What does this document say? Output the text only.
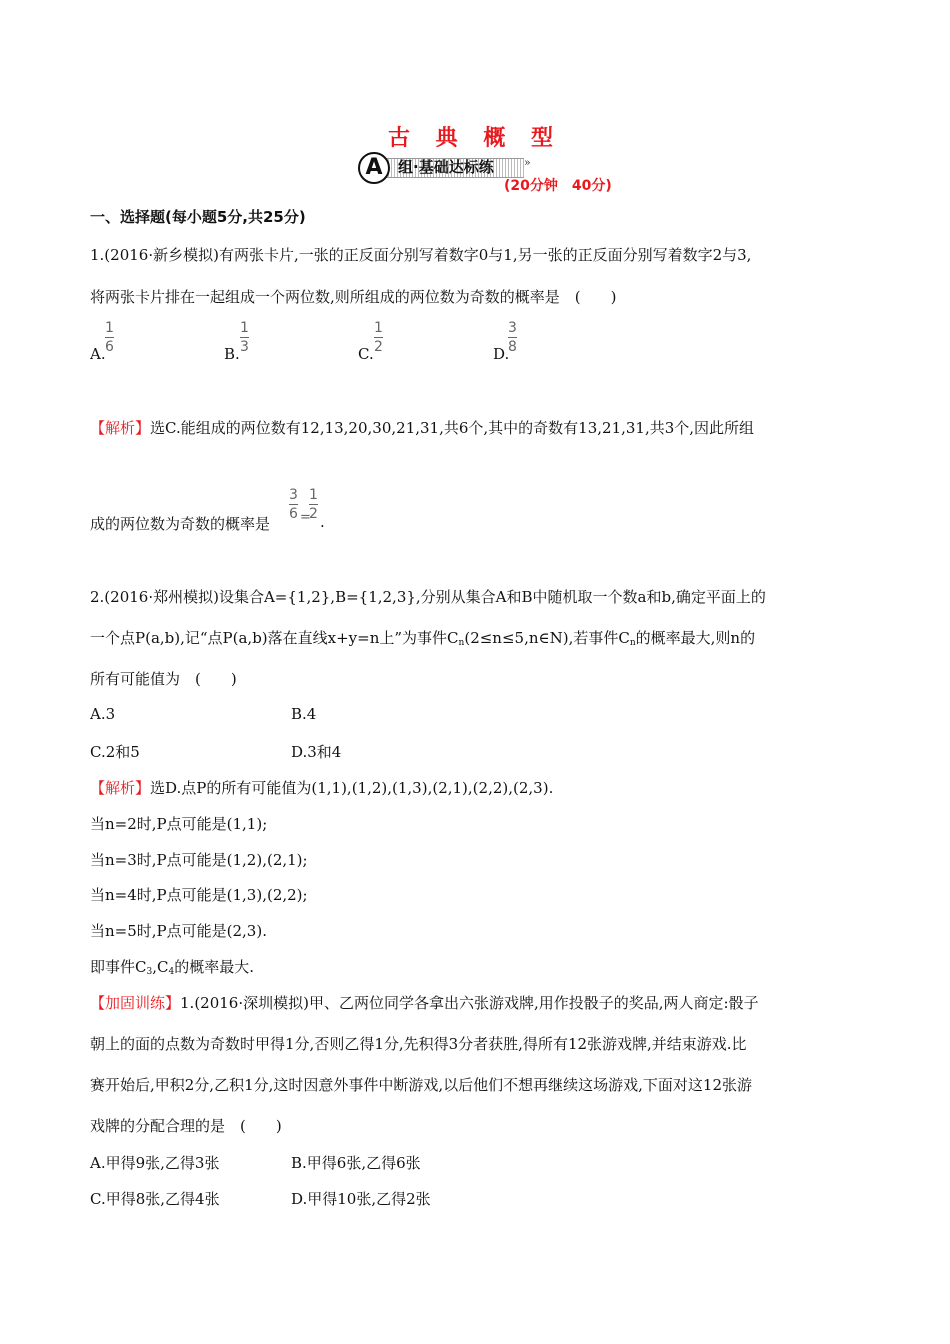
古 典 概 型
A	组·基础达标练	»
(20分钟　40分)
一、选择题(每小题5分,共25分)
1.(2016·新乡模拟)有两张卡片,一张的正反面分别写着数字0与1,另一张的正反面分别写着数字2与3,
将两张卡片排在一起组成一个两位数,则所组成的两位数为奇数的概率是　(　　)
A.
1
6	B.
1
3	C.
1
2	D.
3
8
【解析】选C.能组成的两位数有12,13,20,30,21,31,共6个,其中的奇数有13,21,31,共3个,因此所组
成的两位数为奇数的概率是
3
6 =
1
2 .
2.(2016·郑州模拟)设集合A={1,2},B={1,2,3},分别从集合A和B中随机取一个数a和b,确定平面上的
一个点P(a,b),记“点P(a,b)落在直线x+y=n上”为事件$C_n(2\le n\le 5,n\in N)$,若事件$C_n$的概率最大,则n的
所有可能值为　(　　)
A.3	B.4
C.2和5	D.3和4
【解析】选D.点P的所有可能值为(1,1),(1,2),(1,3),(2,1),(2,2),(2,3).
当n=2时,P点可能是(1,1);
当n=3时,P点可能是(1,2),(2,1);
当n=4时,P点可能是(1,3),(2,2);
当n=5时,P点可能是(2,3).
即事件$C_3,C_4$的概率最大.
【加固训练】1.(2016·深圳模拟)甲、乙两位同学各拿出六张游戏牌,用作投骰子的奖品,两人商定:骰子
朝上的面的点数为奇数时甲得1分,否则乙得1分,先积得3分者获胜,得所有12张游戏牌,并结束游戏.比
赛开始后,甲积2分,乙积1分,这时因意外事件中断游戏,以后他们不想再继续这场游戏,下面对这12张游
戏牌的分配合理的是　(　　)
A.甲得9张,乙得3张	B.甲得6张,乙得6张
C.甲得8张,乙得4张	D.甲得10张,乙得2张
